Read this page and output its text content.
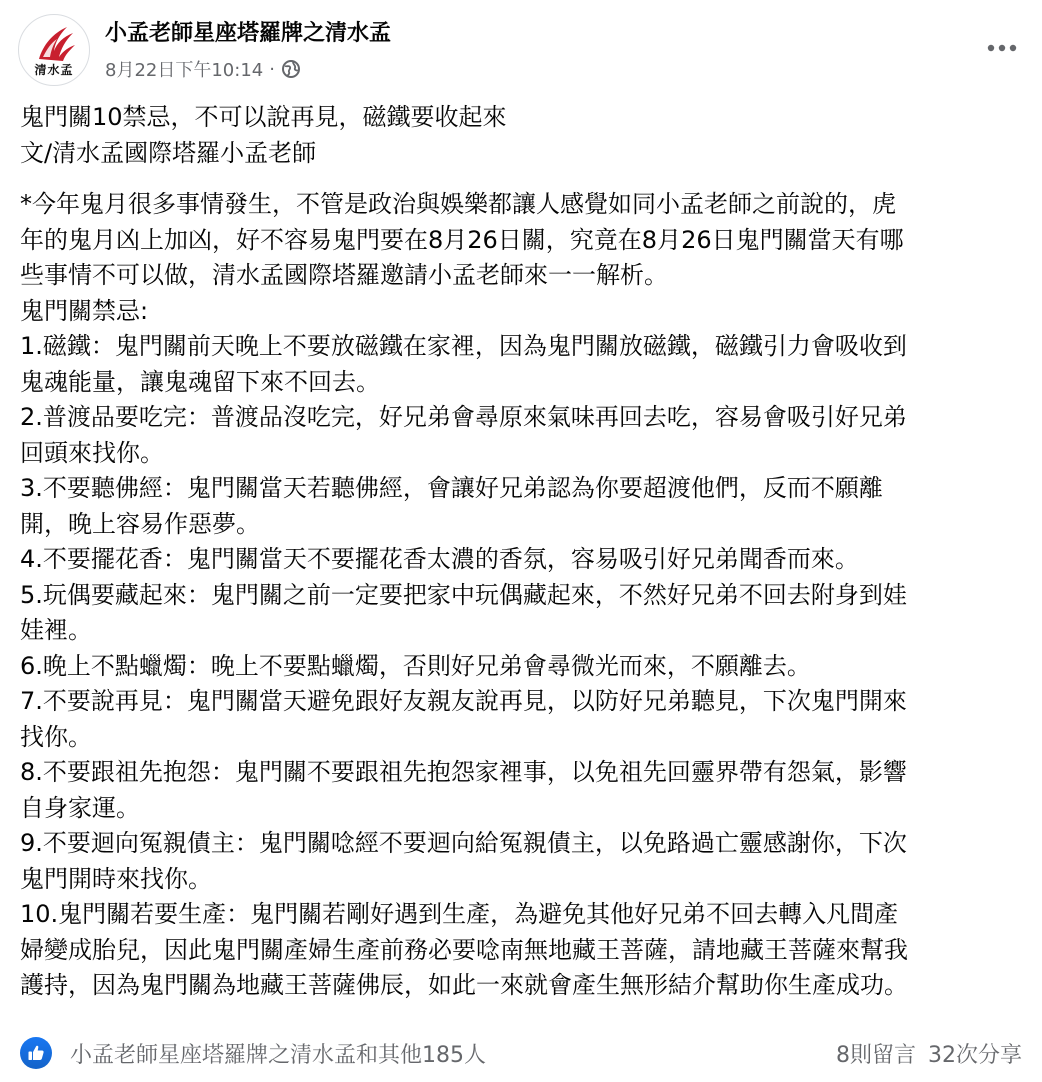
清水孟
小孟老師星座塔羅牌之清水孟
8月22日下午10:14 ·
鬼門關10禁忌，不可以說再見，磁鐵要收起來
文/清水孟國際塔羅小孟老師
*今年鬼月很多事情發生，不管是政治與娛樂都讓人感覺如同小孟老師之前說的，虎
年的鬼月凶上加凶，好不容易鬼門要在8月26日關，究竟在8月26日鬼門關當天有哪
些事情不可以做，清水孟國際塔羅邀請小孟老師來一一解析。
鬼門關禁忌:
1.磁鐵：鬼門關前天晚上不要放磁鐵在家裡，因為鬼門關放磁鐵，磁鐵引力會吸收到
鬼魂能量，讓鬼魂留下來不回去。
2.普渡品要吃完：普渡品沒吃完，好兄弟會尋原來氣味再回去吃，容易會吸引好兄弟
回頭來找你。
3.不要聽佛經：鬼門關當天若聽佛經，會讓好兄弟認為你要超渡他們，反而不願離
開，晚上容易作惡夢。
4.不要擺花香：鬼門關當天不要擺花香太濃的香氛，容易吸引好兄弟聞香而來。
5.玩偶要藏起來：鬼門關之前一定要把家中玩偶藏起來，不然好兄弟不回去附身到娃
娃裡。
6.晚上不點蠟燭：晚上不要點蠟燭，否則好兄弟會尋微光而來，不願離去。
7.不要說再見：鬼門關當天避免跟好友親友說再見，以防好兄弟聽見，下次鬼門開來
找你。
8.不要跟祖先抱怨：鬼門關不要跟祖先抱怨家裡事，以免祖先回靈界帶有怨氣，影響
自身家運。
9.不要迴向冤親債主：鬼門關唸經不要迴向給冤親債主，以免路過亡靈感謝你，下次
鬼門開時來找你。
10.鬼門關若要生產：鬼門關若剛好遇到生產，為避免其他好兄弟不回去轉入凡間產
婦變成胎兒，因此鬼門關產婦生產前務必要唸南無地藏王菩薩，請地藏王菩薩來幫我
護持，因為鬼門關為地藏王菩薩佛辰，如此一來就會產生無形結介幫助你生產成功。
小孟老師星座塔羅牌之清水孟和其他185人	8則留言 32次分享
